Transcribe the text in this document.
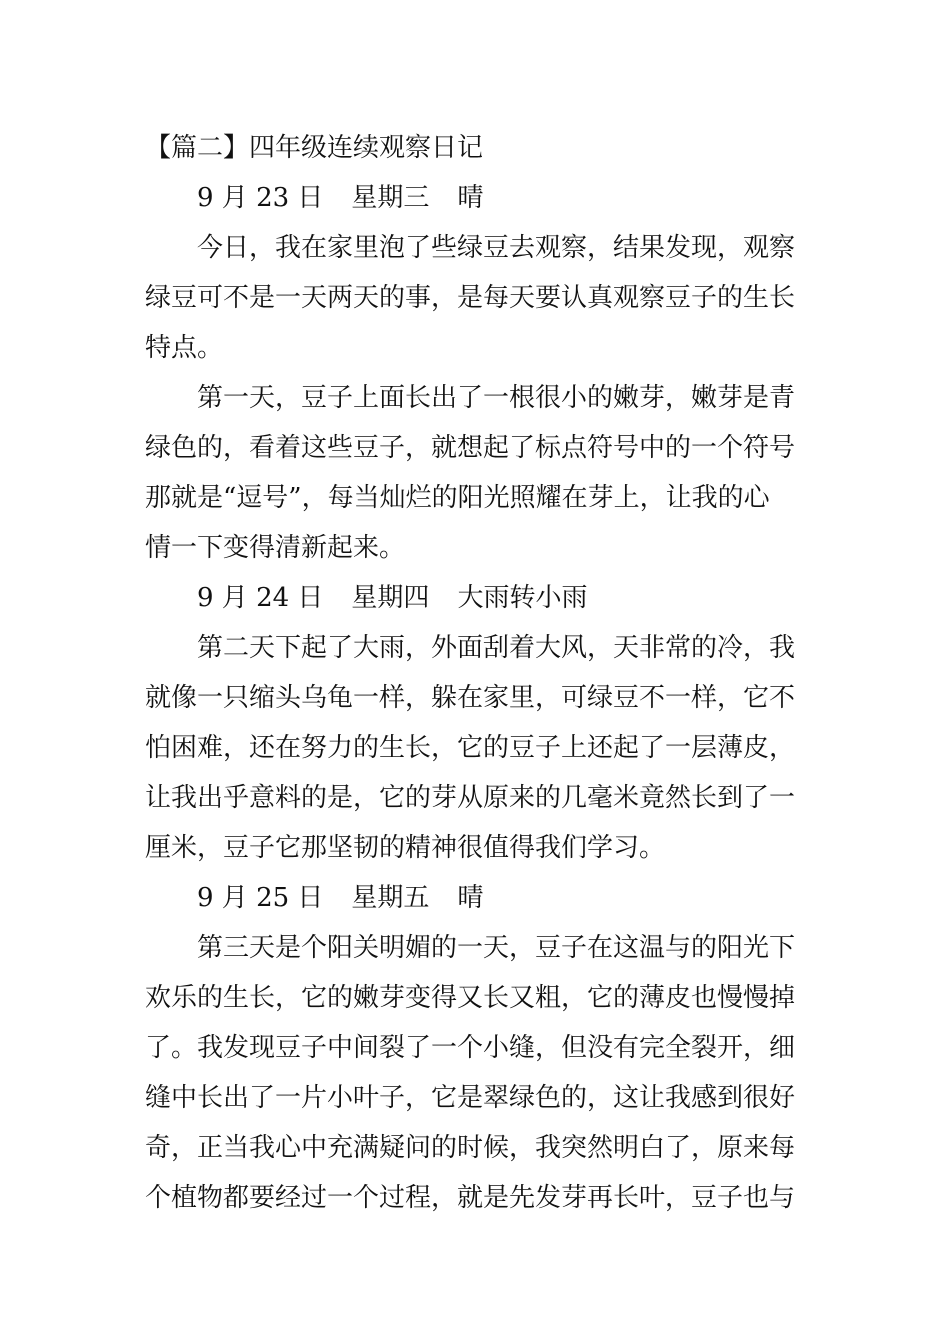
【篇二】四年级连续观察日记
9 月 23 日 星期三 晴
今日，我在家里泡了些绿豆去观察，结果发现，观察
绿豆可不是一天两天的事，是每天要认真观察豆子的生长
特点。
第一天，豆子上面长出了一根很小的嫩芽，嫩芽是青
绿色的，看着这些豆子，就想起了标点符号中的一个符号
那就是“逗号”，每当灿烂的阳光照耀在芽上，让我的心
情一下变得清新起来。
9 月 24 日 星期四 大雨转小雨
第二天下起了大雨，外面刮着大风，天非常的冷，我
就像一只缩头乌龟一样，躲在家里，可绿豆不一样，它不
怕困难，还在努力的生长，它的豆子上还起了一层薄皮，
让我出乎意料的是，它的芽从原来的几毫米竟然长到了一
厘米，豆子它那坚韧的精神很值得我们学习。
9 月 25 日 星期五 晴
第三天是个阳关明媚的一天，豆子在这温与的阳光下
欢乐的生长，它的嫩芽变得又长又粗，它的薄皮也慢慢掉
了。我发现豆子中间裂了一个小缝，但没有完全裂开，细
缝中长出了一片小叶子，它是翠绿色的，这让我感到很好
奇，正当我心中充满疑问的时候，我突然明白了，原来每
个植物都要经过一个过程，就是先发芽再长叶，豆子也与
